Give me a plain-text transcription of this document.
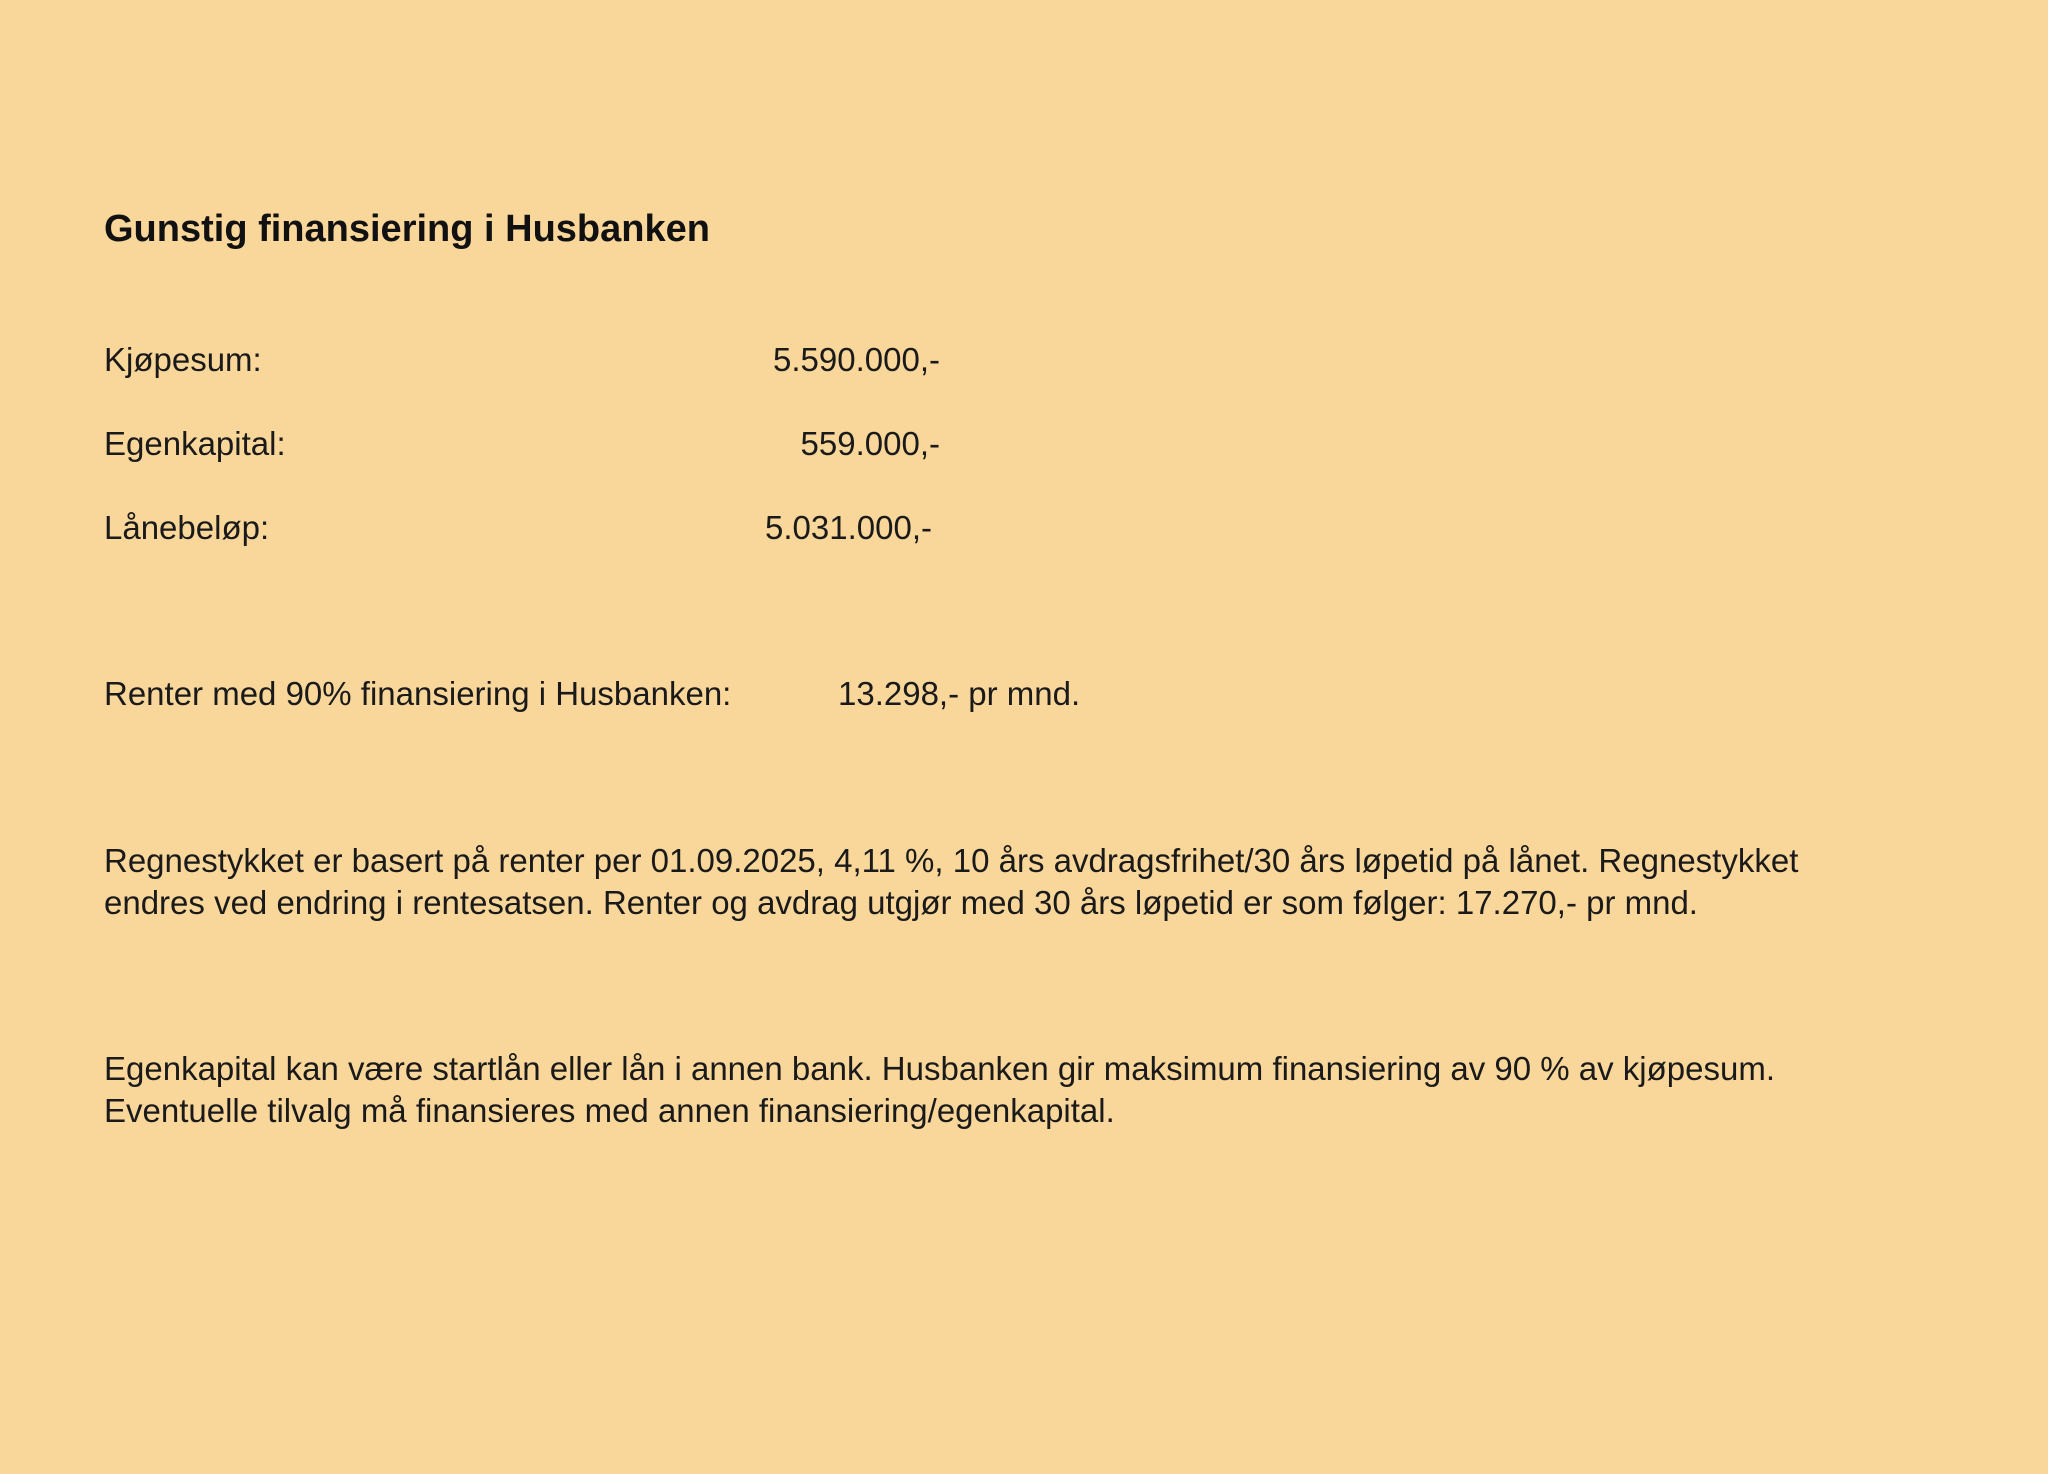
Gunstig finansiering i Husbanken
Kjøpesum:	5.590.000,-
Egenkapital:	559.000,-
Lånebeløp:	5.031.000,-
Renter med 90% finansiering i Husbanken:	13.298,- pr mnd.

Regnestykket er basert på renter per 01.09.2025, 4,11 %, 10 års avdragsfrihet/30 års løpetid på lånet. Regnestykket
endres ved endring i rentesatsen. Renter og avdrag utgjør med 30 års løpetid er som følger: 17.270,- pr mnd.

Egenkapital kan være startlån eller lån i annen bank. Husbanken gir maksimum finansiering av 90 % av kjøpesum.
Eventuelle tilvalg må finansieres med annen finansiering/egenkapital.
